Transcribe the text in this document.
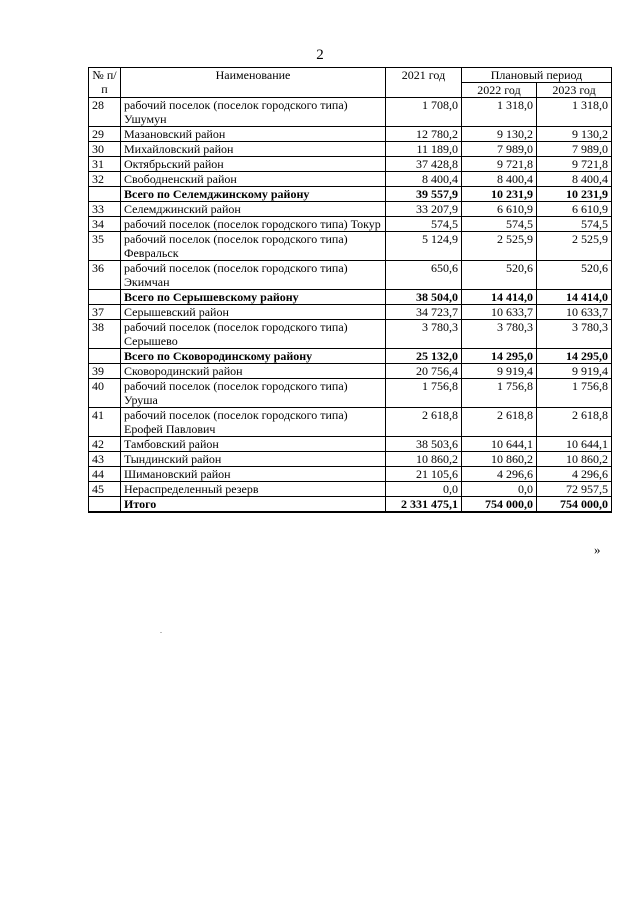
2
№ п/п	Наименование	2021 год	Плановый период	
			2022 год	2023 год
28	рабочий поселок (поселок городского типа) Ушумун	1 708,0	1 318,0	1 318,0
29	Мазановский район	12 780,2	9 130,2	9 130,2
30	Михайловский район	11 189,0	7 989,0	7 989,0
31	Октябрьский район	37 428,8	9 721,8	9 721,8
32	Свободненский район	8 400,4	8 400,4	8 400,4
	Всего по Селемджинскому району	39 557,9	10 231,9	10 231,9
33	Селемджинский район	33 207,9	6 610,9	6 610,9
34	рабочий поселок (поселок городского типа) Токур	574,5	574,5	574,5
35	рабочий поселок (поселок городского типа) Февральск	5 124,9	2 525,9	2 525,9
36	рабочий поселок (поселок городского типа) Экимчан	650,6	520,6	520,6
	Всего по Серышевскому району	38 504,0	14 414,0	14 414,0
37	Серышевский район	34 723,7	10 633,7	10 633,7
38	рабочий поселок (поселок городского типа) Серышево	3 780,3	3 780,3	3 780,3
	Всего по Сковородинскому району	25 132,0	14 295,0	14 295,0
39	Сковородинский район	20 756,4	9 919,4	9 919,4
40	рабочий поселок (поселок городского типа) Уруша	1 756,8	1 756,8	1 756,8
41	рабочий поселок (поселок городского типа) Ерофей Павлович	2 618,8	2 618,8	2 618,8
42	Тамбовский район	38 503,6	10 644,1	10 644,1
43	Тындинский район	10 860,2	10 860,2	10 860,2
44	Шимановский район	21 105,6	4 296,6	4 296,6
45	Нераспределенный резерв	0,0	0,0	72 957,5
	Итого	2 331 475,1	754 000,0	754 000,0
»
